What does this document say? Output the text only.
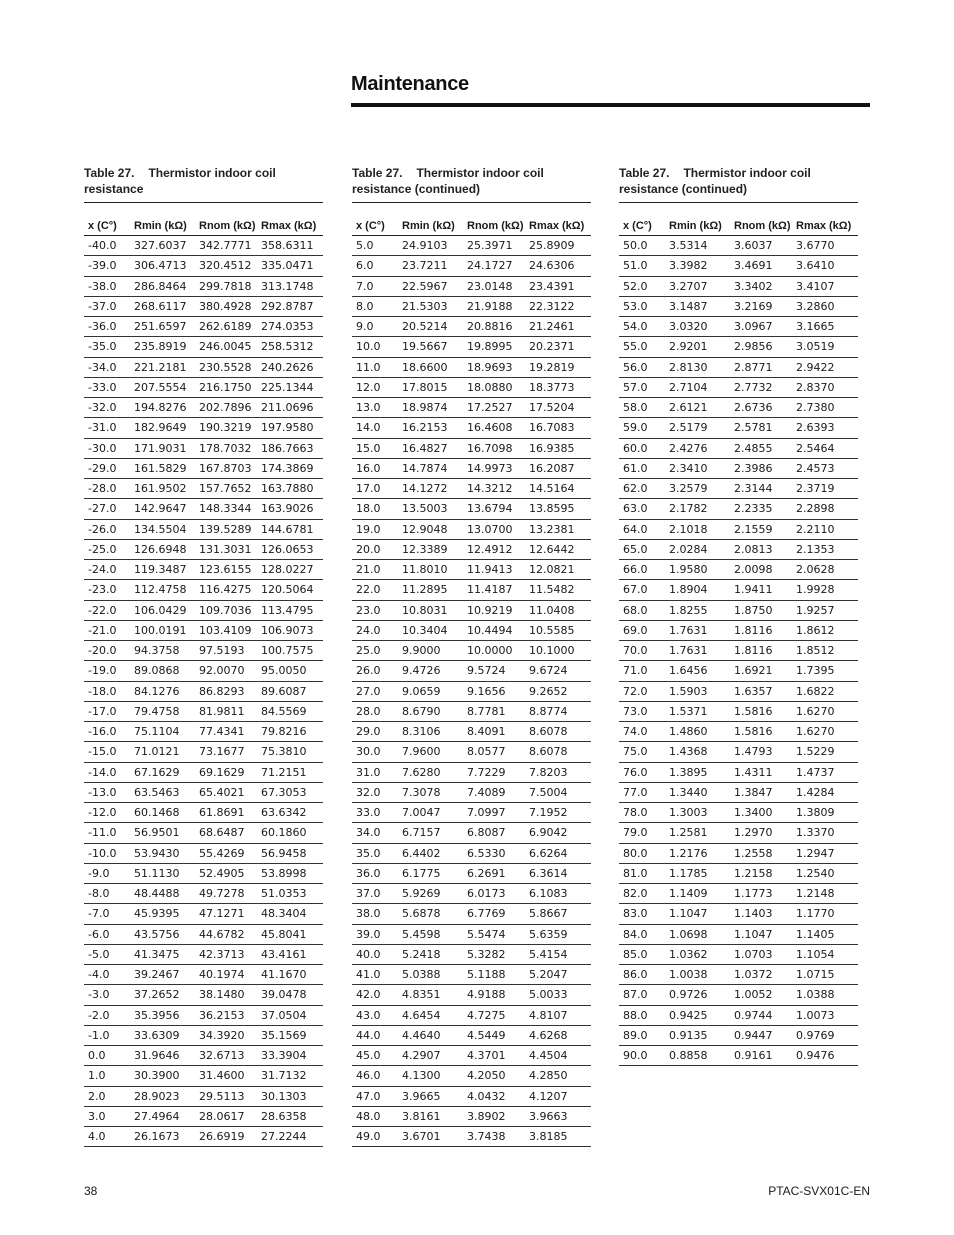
Maintenance
Table 27. Thermistor indoor coil resistance
x (C°)	Rmin (kΩ)	Rnom (kΩ)	Rmax (kΩ)
-40.0	327.6037	342.7771	358.6311
-39.0	306.4713	320.4512	335.0471
-38.0	286.8464	299.7818	313.1748
-37.0	268.6117	380.4928	292.8787
-36.0	251.6597	262.6189	274.0353
-35.0	235.8919	246.0045	258.5312
-34.0	221.2181	230.5528	240.2626
-33.0	207.5554	216.1750	225.1344
-32.0	194.8276	202.7896	211.0696
-31.0	182.9649	190.3219	197.9580
-30.0	171.9031	178.7032	186.7663
-29.0	161.5829	167.8703	174.3869
-28.0	161.9502	157.7652	163.7880
-27.0	142.9647	148.3344	163.9026
-26.0	134.5504	139.5289	144.6781
-25.0	126.6948	131.3031	126.0653
-24.0	119.3487	123.6155	128.0227
-23.0	112.4758	116.4275	120.5064
-22.0	106.0429	109.7036	113.4795
-21.0	100.0191	103.4109	106.9073
-20.0	94.3758	97.5193	100.7575
-19.0	89.0868	92.0070	95.0050
-18.0	84.1276	86.8293	89.6087
-17.0	79.4758	81.9811	84.5569
-16.0	75.1104	77.4341	79.8216
-15.0	71.0121	73.1677	75.3810
-14.0	67.1629	69.1629	71.2151
-13.0	63.5463	65.4021	67.3053
-12.0	60.1468	61.8691	63.6342
-11.0	56.9501	68.6487	60.1860
-10.0	53.9430	55.4269	56.9458
-9.0	51.1130	52.4905	53.8998
-8.0	48.4488	49.7278	51.0353
-7.0	45.9395	47.1271	48.3404
-6.0	43.5756	44.6782	45.8041
-5.0	41.3475	42.3713	43.4161
-4.0	39.2467	40.1974	41.1670
-3.0	37.2652	38.1480	39.0478
-2.0	35.3956	36.2153	37.0504
-1.0	33.6309	34.3920	35.1569
0.0	31.9646	32.6713	33.3904
1.0	30.3900	31.4600	31.7132
2.0	28.9023	29.5113	30.1303
3.0	27.4964	28.0617	28.6358
4.0	26.1673	26.6919	27.2244
Table 27. Thermistor indoor coil resistance (continued)
x (C°)	Rmin (kΩ)	Rnom (kΩ)	Rmax (kΩ)
5.0	24.9103	25.3971	25.8909
6.0	23.7211	24.1727	24.6306
7.0	22.5967	23.0148	23.4391
8.0	21.5303	21.9188	22.3122
9.0	20.5214	20.8816	21.2461
10.0	19.5667	19.8995	20.2371
11.0	18.6600	18.9693	19.2819
12.0	17.8015	18.0880	18.3773
13.0	18.9874	17.2527	17.5204
14.0	16.2153	16.4608	16.7083
15.0	16.4827	16.7098	16.9385
16.0	14.7874	14.9973	16.2087
17.0	14.1272	14.3212	14.5164
18.0	13.5003	13.6794	13.8595
19.0	12.9048	13.0700	13.2381
20.0	12.3389	12.4912	12.6442
21.0	11.8010	11.9413	12.0821
22.0	11.2895	11.4187	11.5482
23.0	10.8031	10.9219	11.0408
24.0	10.3404	10.4494	10.5585
25.0	9.9000	10.0000	10.1000
26.0	9.4726	9.5724	9.6724
27.0	9.0659	9.1656	9.2652
28.0	8.6790	8.7781	8.8774
29.0	8.3106	8.4091	8.6078
30.0	7.9600	8.0577	8.6078
31.0	7.6280	7.7229	7.8203
32.0	7.3078	7.4089	7.5004
33.0	7.0047	7.0997	7.1952
34.0	6.7157	6.8087	6.9042
35.0	6.4402	6.5330	6.6264
36.0	6.1775	6.2691	6.3614
37.0	5.9269	6.0173	6.1083
38.0	5.6878	6.7769	5.8667
39.0	5.4598	5.5474	5.6359
40.0	5.2418	5.3282	5.4154
41.0	5.0388	5.1188	5.2047
42.0	4.8351	4.9188	5.0033
43.0	4.6454	4.7275	4.8107
44.0	4.4640	4.5449	4.6268
45.0	4.2907	4.3701	4.4504
46.0	4.1300	4.2050	4.2850
47.0	3.9665	4.0432	4.1207
48.0	3.8161	3.8902	3.9663
49.0	3.6701	3.7438	3.8185
Table 27. Thermistor indoor coil resistance (continued)
x (C°)	Rmin (kΩ)	Rnom (kΩ)	Rmax (kΩ)
50.0	3.5314	3.6037	3.6770
51.0	3.3982	3.4691	3.6410
52.0	3.2707	3.3402	3.4107
53.0	3.1487	3.2169	3.2860
54.0	3.0320	3.0967	3.1665
55.0	2.9201	2.9856	3.0519
56.0	2.8130	2.8771	2.9422
57.0	2.7104	2.7732	2.8370
58.0	2.6121	2.6736	2.7380
59.0	2.5179	2.5781	2.6393
60.0	2.4276	2.4855	2.5464
61.0	2.3410	2.3986	2.4573
62.0	3.2579	2.3144	2.3719
63.0	2.1782	2.2335	2.2898
64.0	2.1018	2.1559	2.2110
65.0	2.0284	2.0813	2.1353
66.0	1.9580	2.0098	2.0628
67.0	1.8904	1.9411	1.9928
68.0	1.8255	1.8750	1.9257
69.0	1.7631	1.8116	1.8612
70.0	1.7631	1.8116	1.8512
71.0	1.6456	1.6921	1.7395
72.0	1.5903	1.6357	1.6822
73.0	1.5371	1.5816	1.6270
74.0	1.4860	1.5816	1.6270
75.0	1.4368	1.4793	1.5229
76.0	1.3895	1.4311	1.4737
77.0	1.3440	1.3847	1.4284
78.0	1.3003	1.3400	1.3809
79.0	1.2581	1.2970	1.3370
80.0	1.2176	1.2558	1.2947
81.0	1.1785	1.2158	1.2540
82.0	1.1409	1.1773	1.2148
83.0	1.1047	1.1403	1.1770
84.0	1.0698	1.1047	1.1405
85.0	1.0362	1.0703	1.1054
86.0	1.0038	1.0372	1.0715
87.0	0.9726	1.0052	1.0388
88.0	0.9425	0.9744	1.0073
89.0	0.9135	0.9447	0.9769
90.0	0.8858	0.9161	0.9476
38	PTAC-SVX01C-EN
